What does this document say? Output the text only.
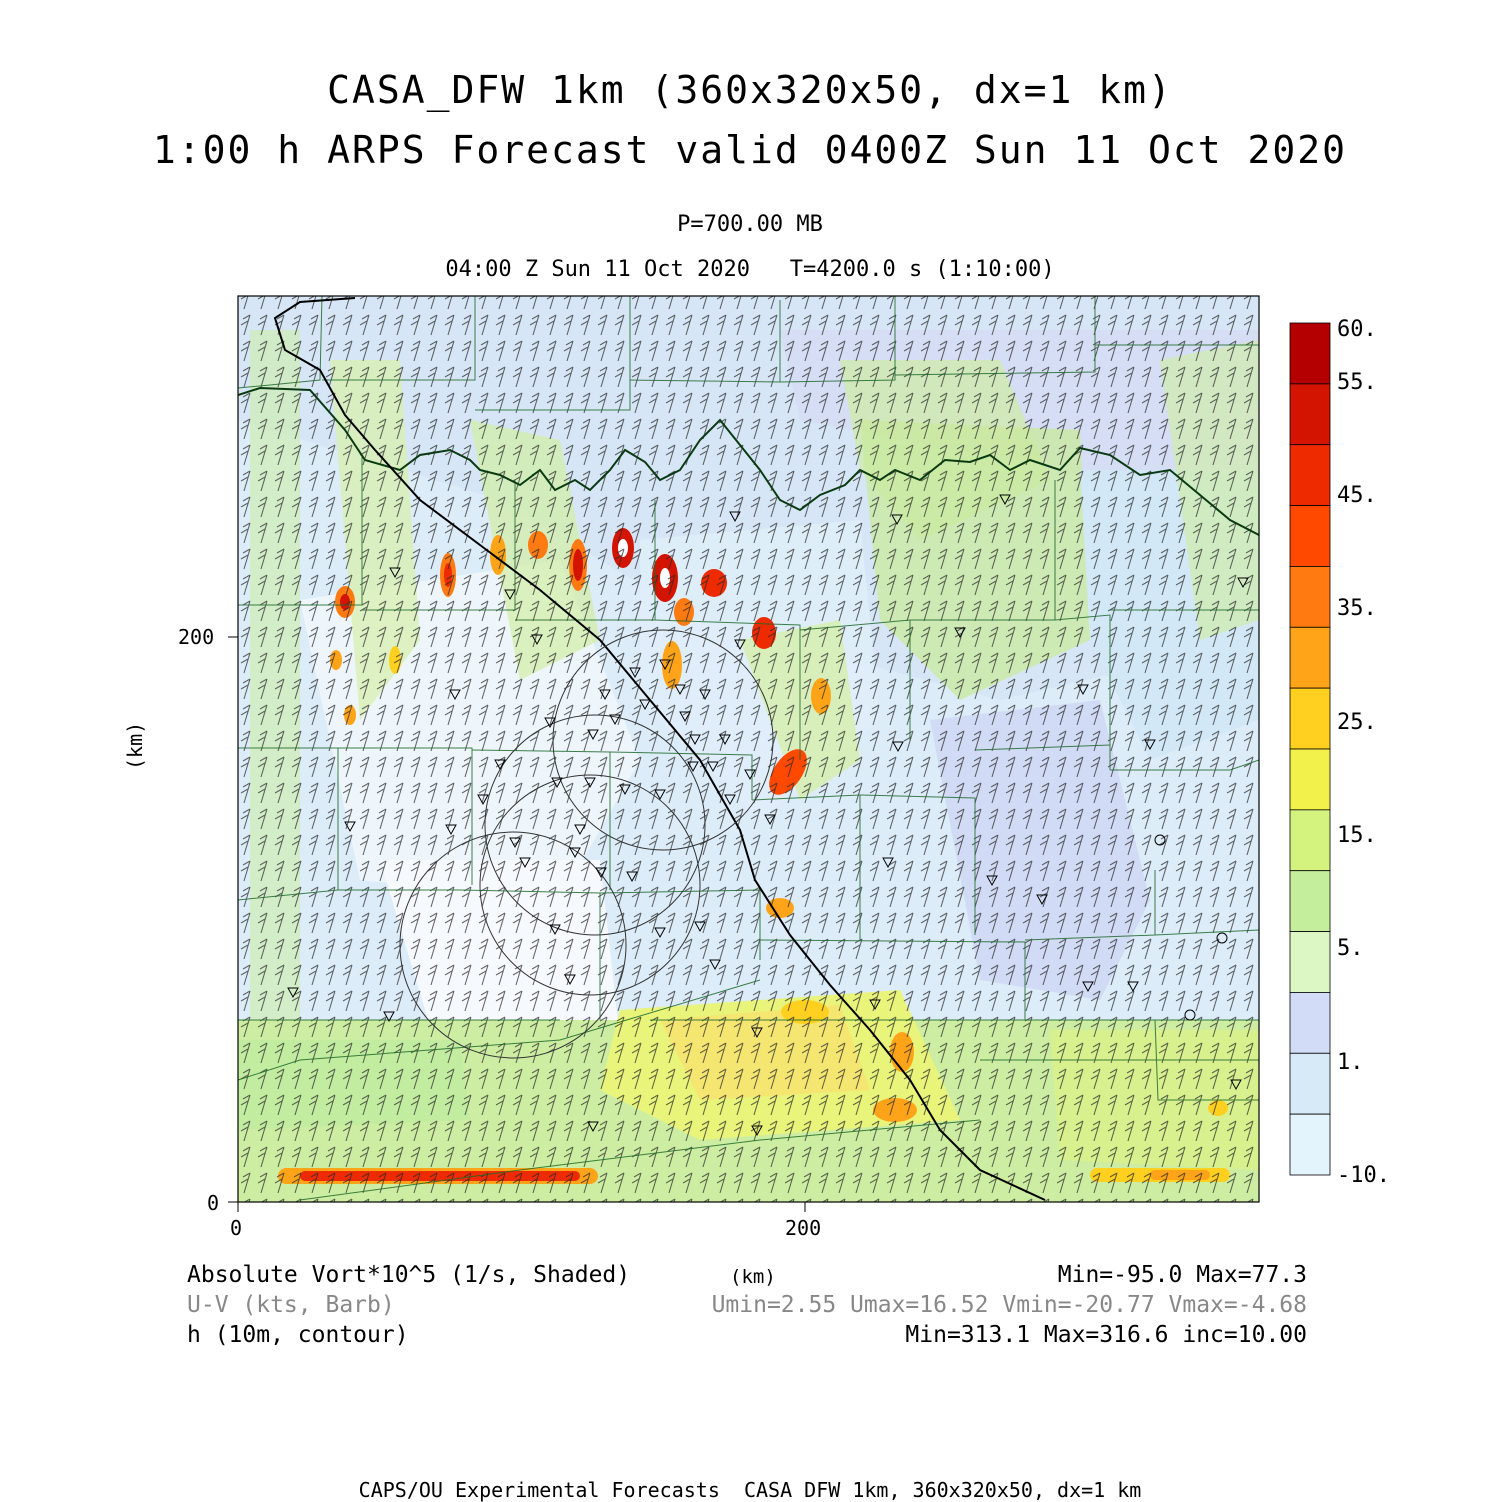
CASA_DFW 1km (360x320x50, dx=1 km)
1:00 h ARPS Forecast valid 0400Z Sun 11 Oct 2020
P=700.00 MB
04:00 Z Sun 11 Oct 2020   T=4200.0 s (1:10:00)
0	200
0
200
(km)
60.
55.
45.
35.
25.
15.
5.
1.
-10.
Absolute Vort*10^5 (1/s, Shaded)
U-V (kts, Barb)
h (10m, contour)
(km)	Min=-95.0 Max=77.3
Umin=2.55 Umax=16.52 Vmin=-20.77 Vmax=-4.68
Min=313.1 Max=316.6 inc=10.00
CAPS/OU Experimental Forecasts  CASA DFW 1km, 360x320x50, dx=1 km
